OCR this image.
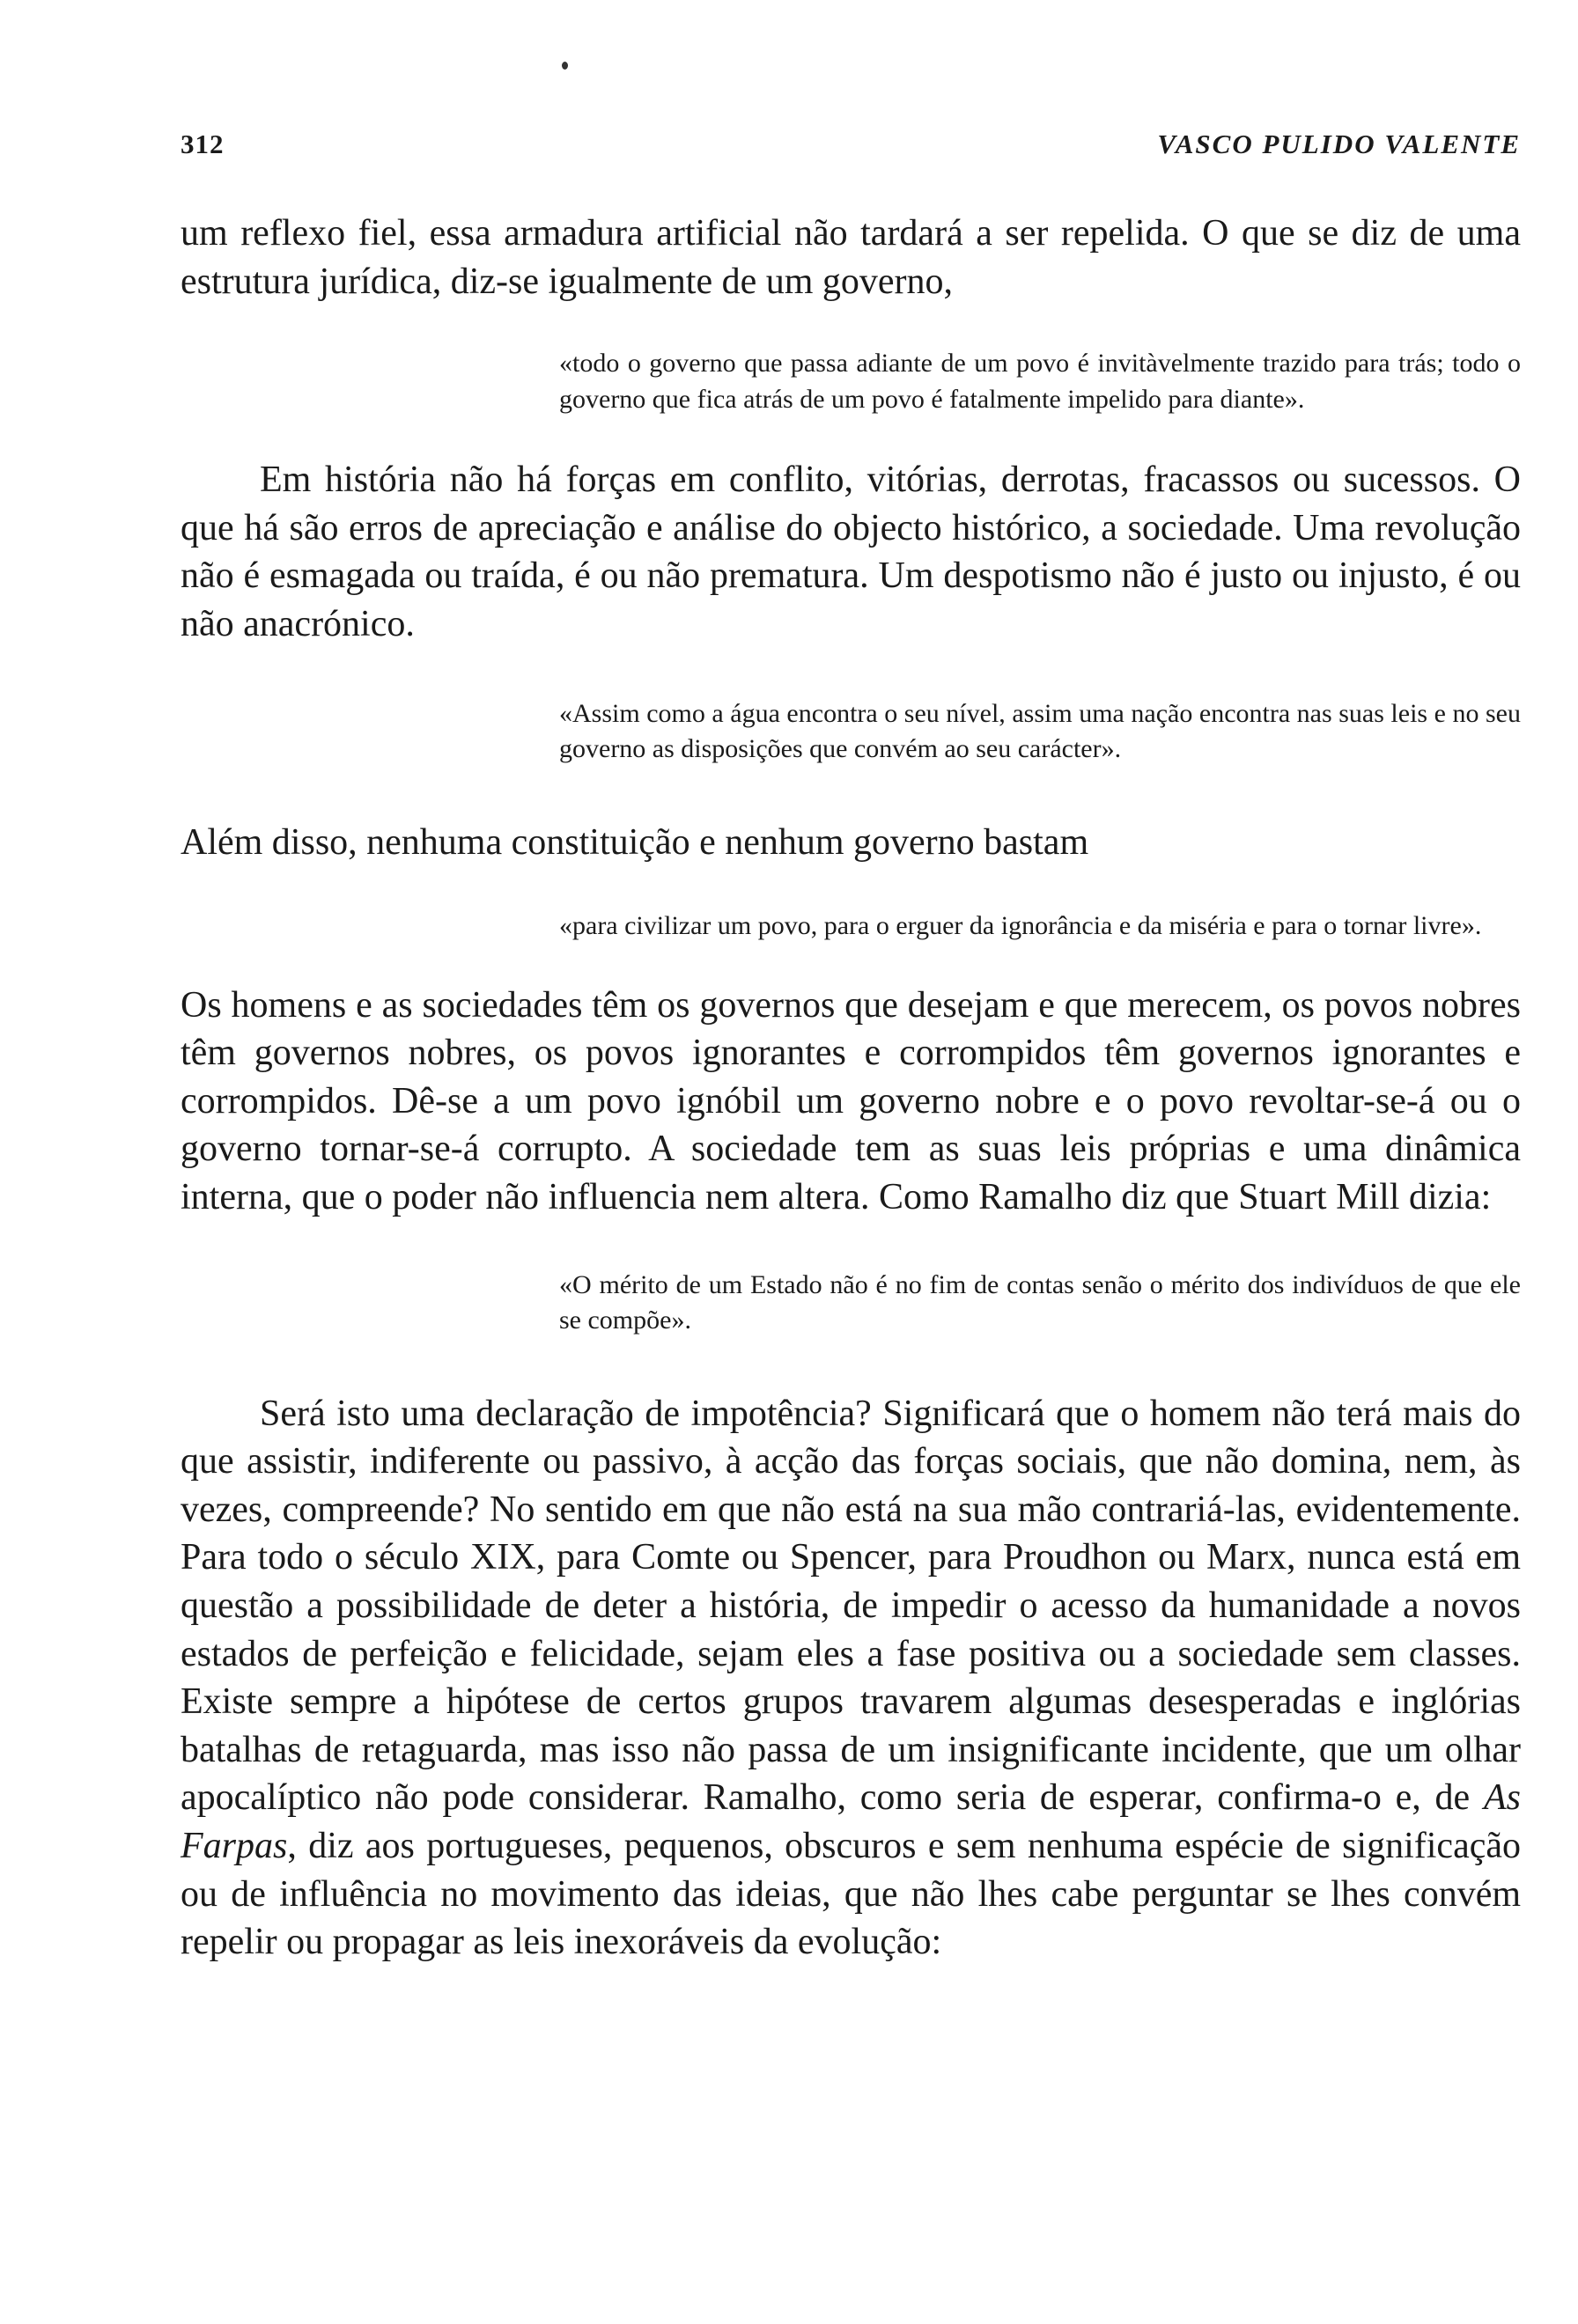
312	VASCO PULIDO VALENTE

um reflexo fiel, essa armadura artificial não tardará a ser repelida. O que se diz de uma estrutura jurídica, diz-se igualmente de um governo,

«todo o governo que passa adiante de um povo é invitàvelmente trazido para trás; todo o governo que fica atrás de um povo é fatalmente impelido para diante».

Em história não há forças em conflito, vitórias, derrotas, fracassos ou sucessos. O que há são erros de apreciação e análise do objecto histórico, a sociedade. Uma revolução não é esmagada ou traída, é ou não prematura. Um despotismo não é justo ou injusto, é ou não anacrónico.

«Assim como a água encontra o seu nível, assim uma nação encontra nas suas leis e no seu governo as disposições que convém ao seu carácter».

Além disso, nenhuma constituição e nenhum governo bastam

«para civilizar um povo, para o erguer da ignorância e da miséria e para o tornar livre».

Os homens e as sociedades têm os governos que desejam e que merecem, os povos nobres têm governos nobres, os povos ignorantes e corrompidos têm governos ignorantes e corrompidos. Dê-se a um povo ignóbil um governo nobre e o povo revoltar-se-á ou o governo tornar-se-á corrupto. A sociedade tem as suas leis próprias e uma dinâmica interna, que o poder não influencia nem altera. Como Ramalho diz que Stuart Mill dizia:

«O mérito de um Estado não é no fim de contas senão o mérito dos indivíduos de que ele se compõe».

Será isto uma declaração de impotência? Significará que o homem não terá mais do que assistir, indiferente ou passivo, à acção das forças sociais, que não domina, nem, às vezes, compreende? No sentido em que não está na sua mão contrariá-las, evidentemente. Para todo o século XIX, para Comte ou Spencer, para Proudhon ou Marx, nunca está em questão a possibilidade de deter a história, de impedir o acesso da humanidade a novos estados de perfeição e felicidade, sejam eles a fase positiva ou a sociedade sem classes. Existe sempre a hipótese de certos grupos travarem algumas desesperadas e inglórias batalhas de retaguarda, mas isso não passa de um insignificante incidente, que um olhar apocalíptico não pode considerar. Ramalho, como seria de esperar, confirma-o e, de As Farpas, diz aos portugueses, pequenos, obscuros e sem nenhuma espécie de significação ou de influência no movimento das ideias, que não lhes cabe perguntar se lhes convém repelir ou propagar as leis inexoráveis da evolução:
